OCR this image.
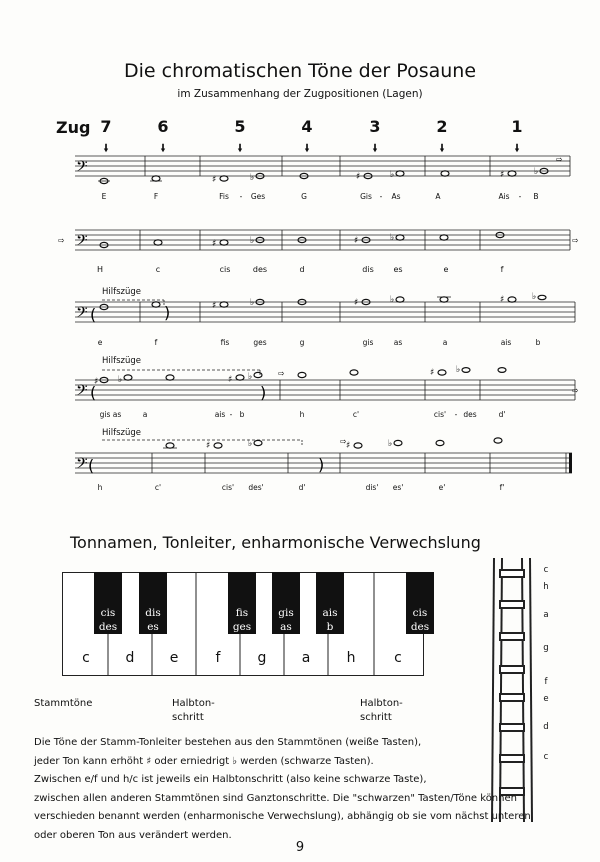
Die chromatischen Töne der Posaune
im Zusammenhang der Zugpositionen (Lagen)
Zug 7	6	5	4	3	2	1
🠛	🠛	🠛	🠛	🠛	🠛	🠛
𝄢
♯	♭	♯	♭	♯	♭
⇨
E	F	Fis	-	Ges	G	Gis	-	As	A	Ais	-	B
⇨ 𝄢	♯	♭	♯	♭	⇨
H	c	cis	des	d	dis	es	e	f
Hilfszüge
𝄢 (	)	♯	♭	♯	♭	♯	♭
e	f	fis	ges	g	gis	as	a	ais	b
Hilfszüge
𝄢 (
♯ ♭	♯ ♭
)
⇨	♯ ♭
⇨
gis as	a	ais - b	h	c'	cis'	- des	d'
Hilfszüge
𝄢 (
♯	♭
)
⇨ ♯	♭
h	c'	cis'	des'	d'	dis'	es'	e'	f'
Tonnamen, Tonleiter, enharmonische Verwechslung
cis
des
dis
es
fis
ges
gis
as
ais
b
cis
des
c	d	e	f	g	a	h	c
Stammtöne	Halbton-
schritt
Halbton-
schritt
c
h
a
g
f
e
d
c
Die Töne der Stamm-Tonleiter bestehen aus den Stammtönen (weiße Tasten),
jeder Ton kann erhöht ♯ oder erniedrigt ♭ werden (schwarze Tasten).
Zwischen e/f und h/c ist jeweils ein Halbtonschritt (also keine schwarze Taste),
zwischen allen anderen Stammtönen sind Ganztonschritte. Die "schwarzen" Tasten/Töne können
verschieden benannt werden (enharmonische Verwechslung), abhängig ob sie vom nächst unteren
oder oberen Ton aus verändert werden.
9
